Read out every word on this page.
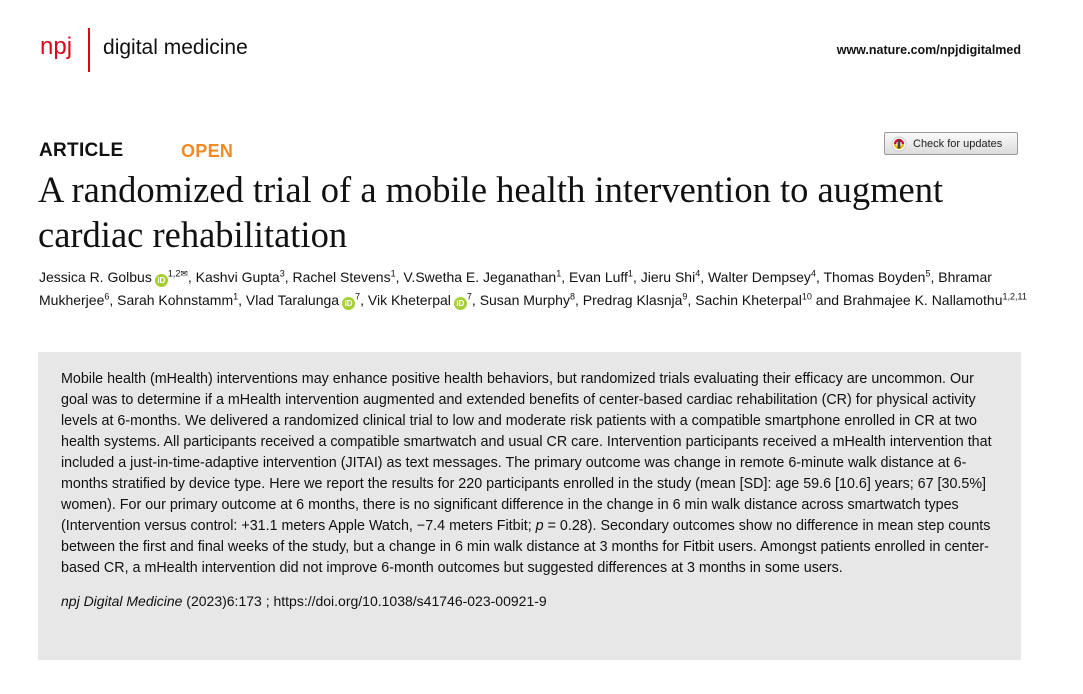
npj digital medicine	www.nature.com/npjdigitalmed
ARTICLE	OPEN	Check for updates
A randomized trial of a mobile health intervention to augment cardiac rehabilitation
Jessica R. Golbus $iD^{1,2✉}$, Kashvi Gupta$^3$, Rachel Stevens$^1$, V.Swetha E. Jeganathan$^1$, Evan Luff$^1$, Jieru Shi$^4$, Walter Dempsey$^4$, Thomas Boyden$^5$, Bhramar Mukherjee$^6$, Sarah Kohnstamm$^1$, Vlad Taralunga $iD^7$, Vik Kheterpal $iD^7$, Susan Murphy$^8$, Predrag Klasnja$^9$, Sachin Kheterpal$^{10}$ and Brahmajee K. Nallamothu$^{1,2,11}$

Mobile health (mHealth) interventions may enhance positive health behaviors, but randomized trials evaluating their efficacy are uncommon. Our goal was to determine if a mHealth intervention augmented and extended benefits of center-based cardiac rehabilitation (CR) for physical activity levels at 6-months. We delivered a randomized clinical trial to low and moderate risk patients with a compatible smartphone enrolled in CR at two health systems. All participants received a compatible smartwatch and usual CR care. Intervention participants received a mHealth intervention that included a just-in-time-adaptive intervention (JITAI) as text messages. The primary outcome was change in remote 6-minute walk distance at 6-months stratified by device type. Here we report the results for 220 participants enrolled in the study (mean [SD]: age 59.6 [10.6] years; 67 [30.5%] women). For our primary outcome at 6 months, there is no significant difference in the change in 6 min walk distance across smartwatch types (Intervention versus control: +31.1 meters Apple Watch, −7.4 meters Fitbit; p = 0.28). Secondary outcomes show no difference in mean step counts between the first and final weeks of the study, but a change in 6 min walk distance at 3 months for Fitbit users. Amongst patients enrolled in center-based CR, a mHealth intervention did not improve 6-month outcomes but suggested differences at 3 months in some users.

npj Digital Medicine (2023)6:173 ; https://doi.org/10.1038/s41746-023-00921-9
